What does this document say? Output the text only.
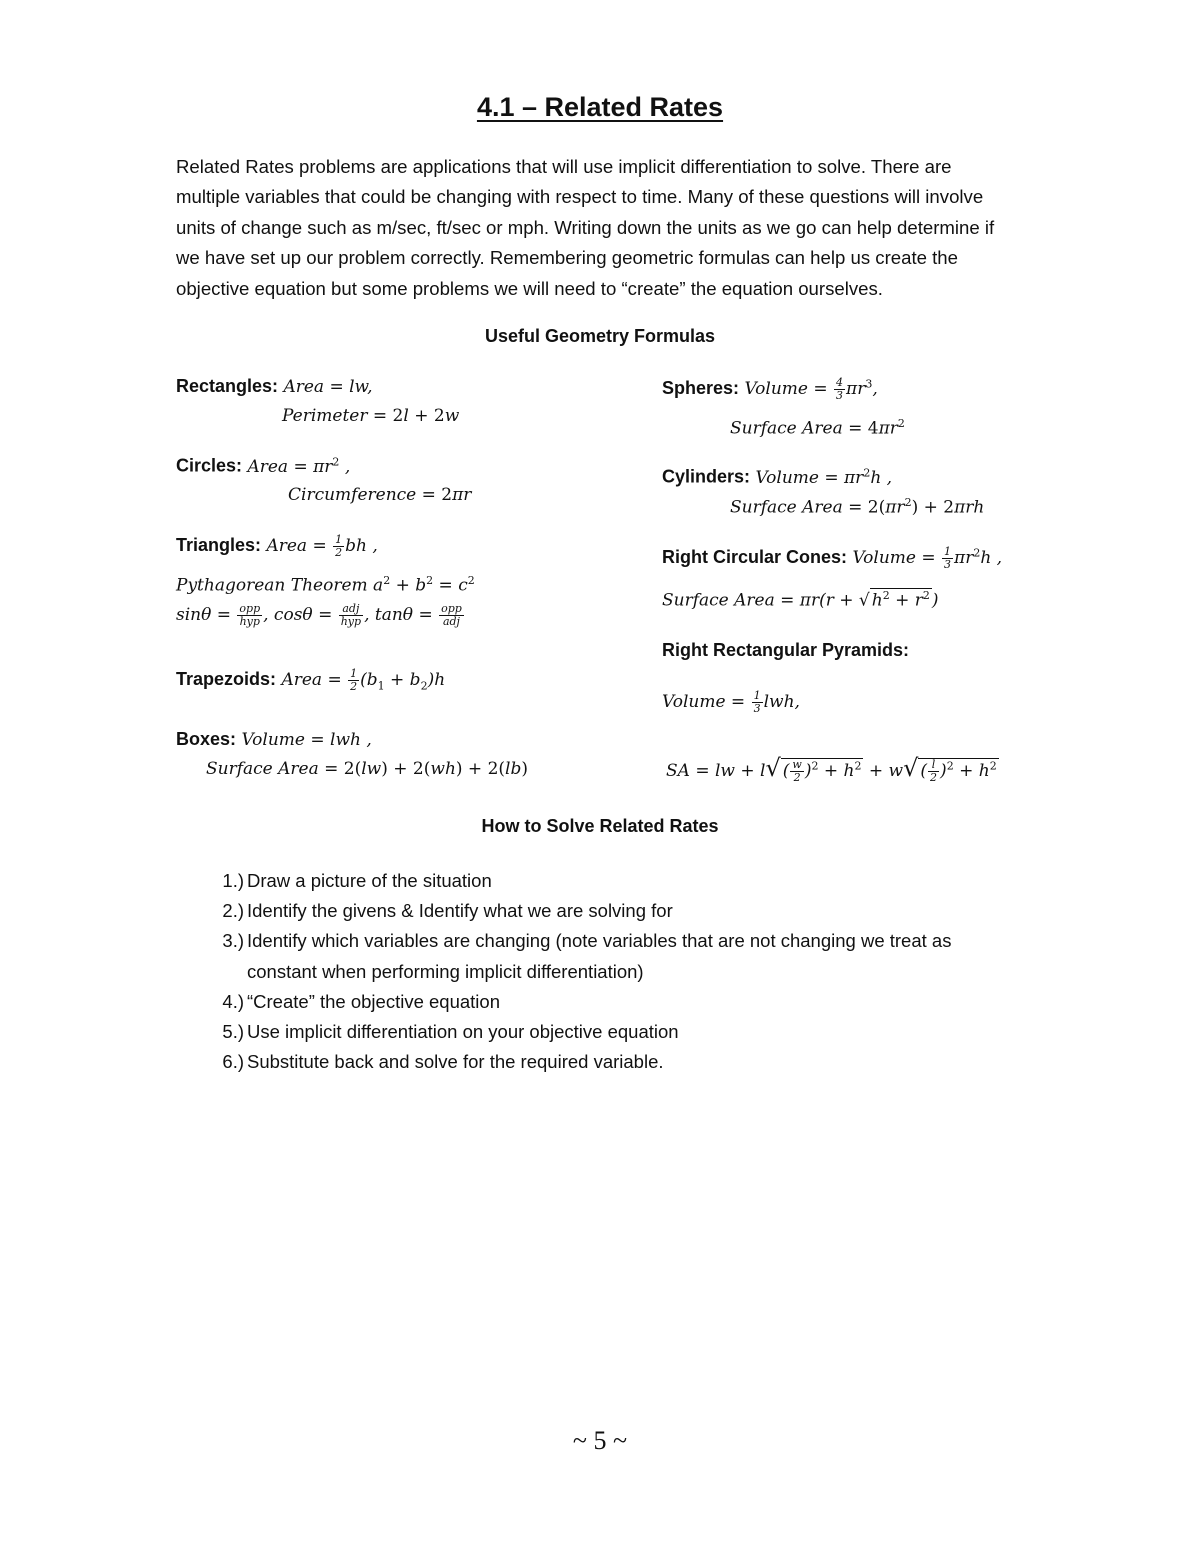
4.1 – Related Rates
Related Rates problems are applications that will use implicit differentiation to solve. There are
multiple variables that could be changing with respect to time. Many of these questions will involve
units of change such as m/sec, ft/sec or mph. Writing down the units as we go can help determine if
we have set up our problem correctly. Remembering geometric formulas can help us create the
objective equation but some problems we will need to “create” the equation ourselves.
Useful Geometry Formulas
Rectangles: Area = lw,
Perimeter = 2l + 2w
Circles: Area = $\pi r^2$ ,
Circumference = 2πr
Triangles: Area = $\frac{1}{2}$ bh ,
Pythagorean Theorem $a^2 + b^2 = c^2$
$\sin\theta = \frac{\text{opp}}{\text{hyp}}$ , $\cos\theta = \frac{\text{adj}}{\text{hyp}}$ , $\tan\theta = \frac{\text{opp}}{\text{adj}}$
Trapezoids: Area = $\frac{1}{2} (b_1 + b_2)h$
Boxes: Volume = lwh ,
Surface Area = 2(lw) + 2(wh) + 2(lb)
Spheres: Volume = $\frac{4}{3} \pi r^3$,
Surface Area = $4\pi r^2$
Cylinders: Volume = $\pi r^2h$ ,
Surface Area = $2(\pi r^2) + 2\pi rh$
Right Circular Cones: Volume = $\frac{1}{3} \pi r^2h$ ,
Surface Area = πr(r + √ $h^2 + r^2$ )
Right Rectangular Pyramids:
Volume = $\frac{1}{3}$ lwh,
SA = lw + l√ ( $\frac{w}{2} )^2 + h^2 + w√$ ( $\frac{l}{2} )^2 + h^2$
How to Solve Related Rates
1.) Draw a picture of the situation
2.) Identify the givens & Identify what we are solving for
3.) Identify which variables are changing (note variables that are not changing we treat as
constant when performing implicit differentiation)
4.) “Create” the objective equation
5.) Use implicit differentiation on your objective equation
6.) Substitute back and solve for the required variable.
~ 5 ~
